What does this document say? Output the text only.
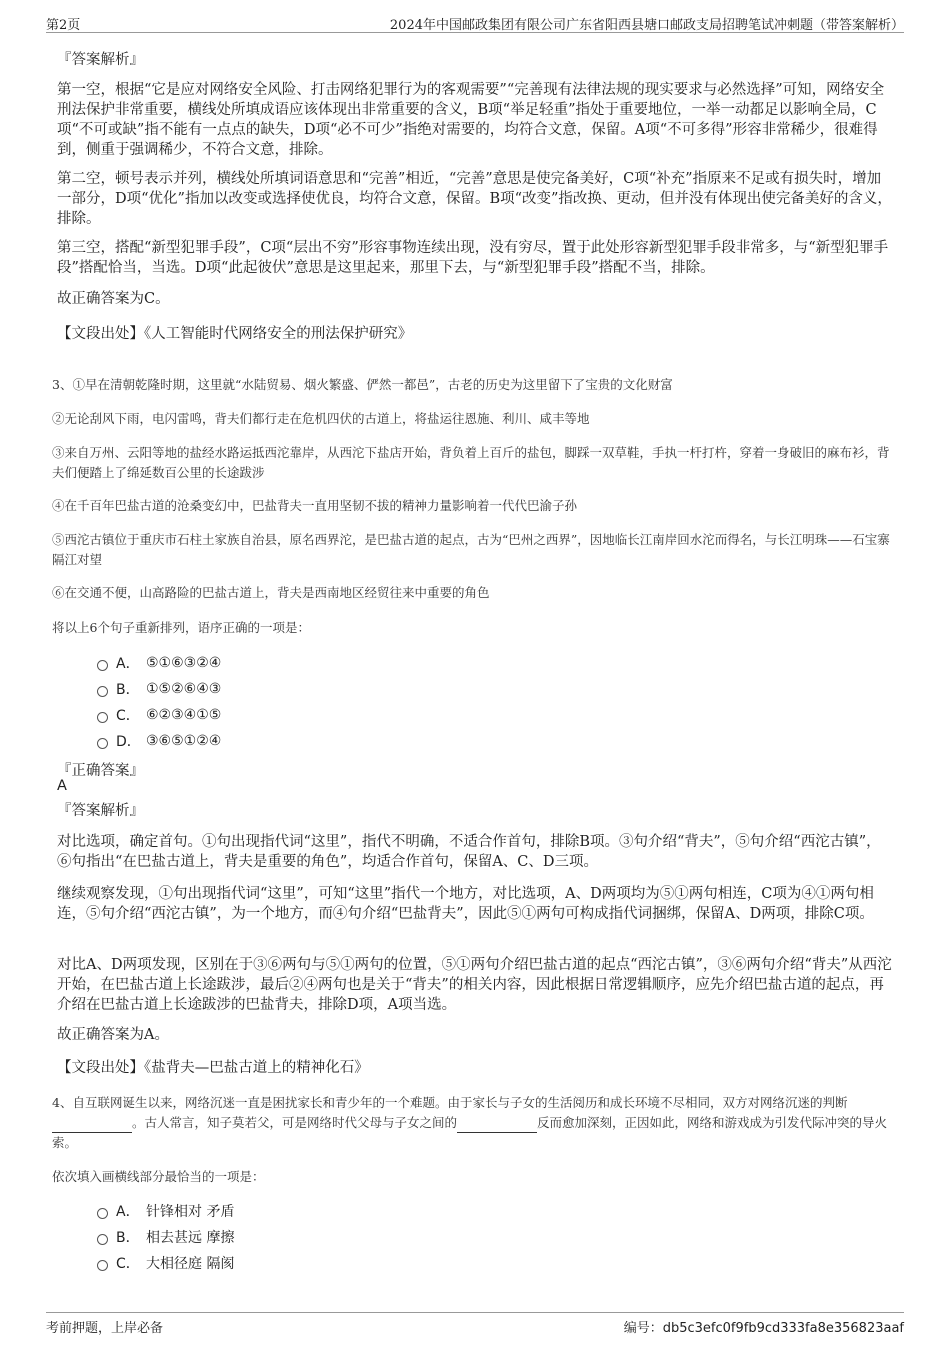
第2页	2024年中国邮政集团有限公司广东省阳西县塘口邮政支局招聘笔试冲刺题（带答案解析）
『答案解析』

第一空，根据“它是应对网络安全风险、打击网络犯罪行为的客观需要”“完善现有法律法规的现实要求与必然选择”可知，网络安全刑法保护非常重要，横线处所填成语应该体现出非常重要的含义，B项“举足轻重”指处于重要地位，一举一动都足以影响全局，C项“不可或缺”指不能有一点点的缺失，D项“必不可少”指绝对需要的，均符合文意，保留。A项“不可多得”形容非常稀少，很难得到，侧重于强调稀少，不符合文意，排除。

第二空，顿号表示并列，横线处所填词语意思和“完善”相近，“完善”意思是使完备美好，C项“补充”指原来不足或有损失时，增加一部分，D项“优化”指加以改变或选择使优良，均符合文意，保留。B项“改变”指改换、更动，但并没有体现出使完备美好的含义，排除。

第三空，搭配“新型犯罪手段”，C项“层出不穷”形容事物连续出现，没有穷尽，置于此处形容新型犯罪手段非常多，与“新型犯罪手段”搭配恰当，当选。D项“此起彼伏”意思是这里起来，那里下去，与“新型犯罪手段”搭配不当，排除。

故正确答案为C。

【文段出处】《人工智能时代网络安全的刑法保护研究》

3、①早在清朝乾隆时期，这里就“水陆贸易、烟火繁盛、俨然一都邑”，古老的历史为这里留下了宝贵的文化财富

②无论刮风下雨，电闪雷鸣，背夫们都行走在危机四伏的古道上，将盐运往恩施、利川、咸丰等地

③来自万州、云阳等地的盐经水路运抵西沱靠岸，从西沱下盐店开始，背负着上百斤的盐包，脚踩一双草鞋，手执一杆打杵，穿着一身破旧的麻布衫，背夫们便踏上了绵延数百公里的长途跋涉

④在千百年巴盐古道的沧桑变幻中，巴盐背夫一直用坚韧不拔的精神力量影响着一代代巴渝子孙

⑤西沱古镇位于重庆市石柱土家族自治县，原名西界沱，是巴盐古道的起点，古为“巴州之西界”，因地临长江南岸回水沱而得名，与长江明珠——石宝寨隔江对望

⑥在交通不便，山高路险的巴盐古道上，背夫是西南地区经贸往来中重要的角色

将以上6个句子重新排列，语序正确的一项是：

A． ⑤①⑥③②④
B． ①⑤②⑥④③
C． ⑥②③④①⑤
D． ③⑥⑤①②④
『正确答案』
A
『答案解析』

对比选项，确定首句。①句出现指代词“这里”，指代不明确，不适合作首句，排除B项。③句介绍“背夫”，⑤句介绍“西沱古镇”，⑥句指出“在巴盐古道上，背夫是重要的角色”，均适合作首句，保留A、C、D三项。

继续观察发现，①句出现指代词“这里”，可知“这里”指代一个地方，对比选项，A、D两项均为⑤①两句相连，C项为④①两句相连，⑤句介绍“西沱古镇”，为一个地方，而④句介绍“巴盐背夫”，因此⑤①两句可构成指代词捆绑，保留A、D两项，排除C项。

对比A、D两项发现，区别在于③⑥两句与⑤①两句的位置，⑤①两句介绍巴盐古道的起点“西沱古镇”，③⑥两句介绍“背夫”从西沱开始，在巴盐古道上长途跋涉，最后②④两句也是关于“背夫”的相关内容，因此根据日常逻辑顺序，应先介绍巴盐古道的起点，再介绍在巴盐古道上长途跋涉的巴盐背夫，排除D项，A项当选。

故正确答案为A。

【文段出处】《盐背夫—巴盐古道上的精神化石》

4、自互联网诞生以来，网络沉迷一直是困扰家长和青少年的一个难题。由于家长与子女的生活阅历和成长环境不尽相同，双方对网络沉迷的判断。古人常言，知子莫若父，可是网络时代父母与子女之间的	反而愈加深刻，正因如此，网络和游戏成为引发代际冲突的导火索。

依次填入画横线部分最恰当的一项是：

A． 针锋相对 矛盾
B． 相去甚远 摩擦
C． 大相径庭 隔阂
考前押题，上岸必备	编号：db5c3efc0f9fb9cd333fa8e356823aaf
